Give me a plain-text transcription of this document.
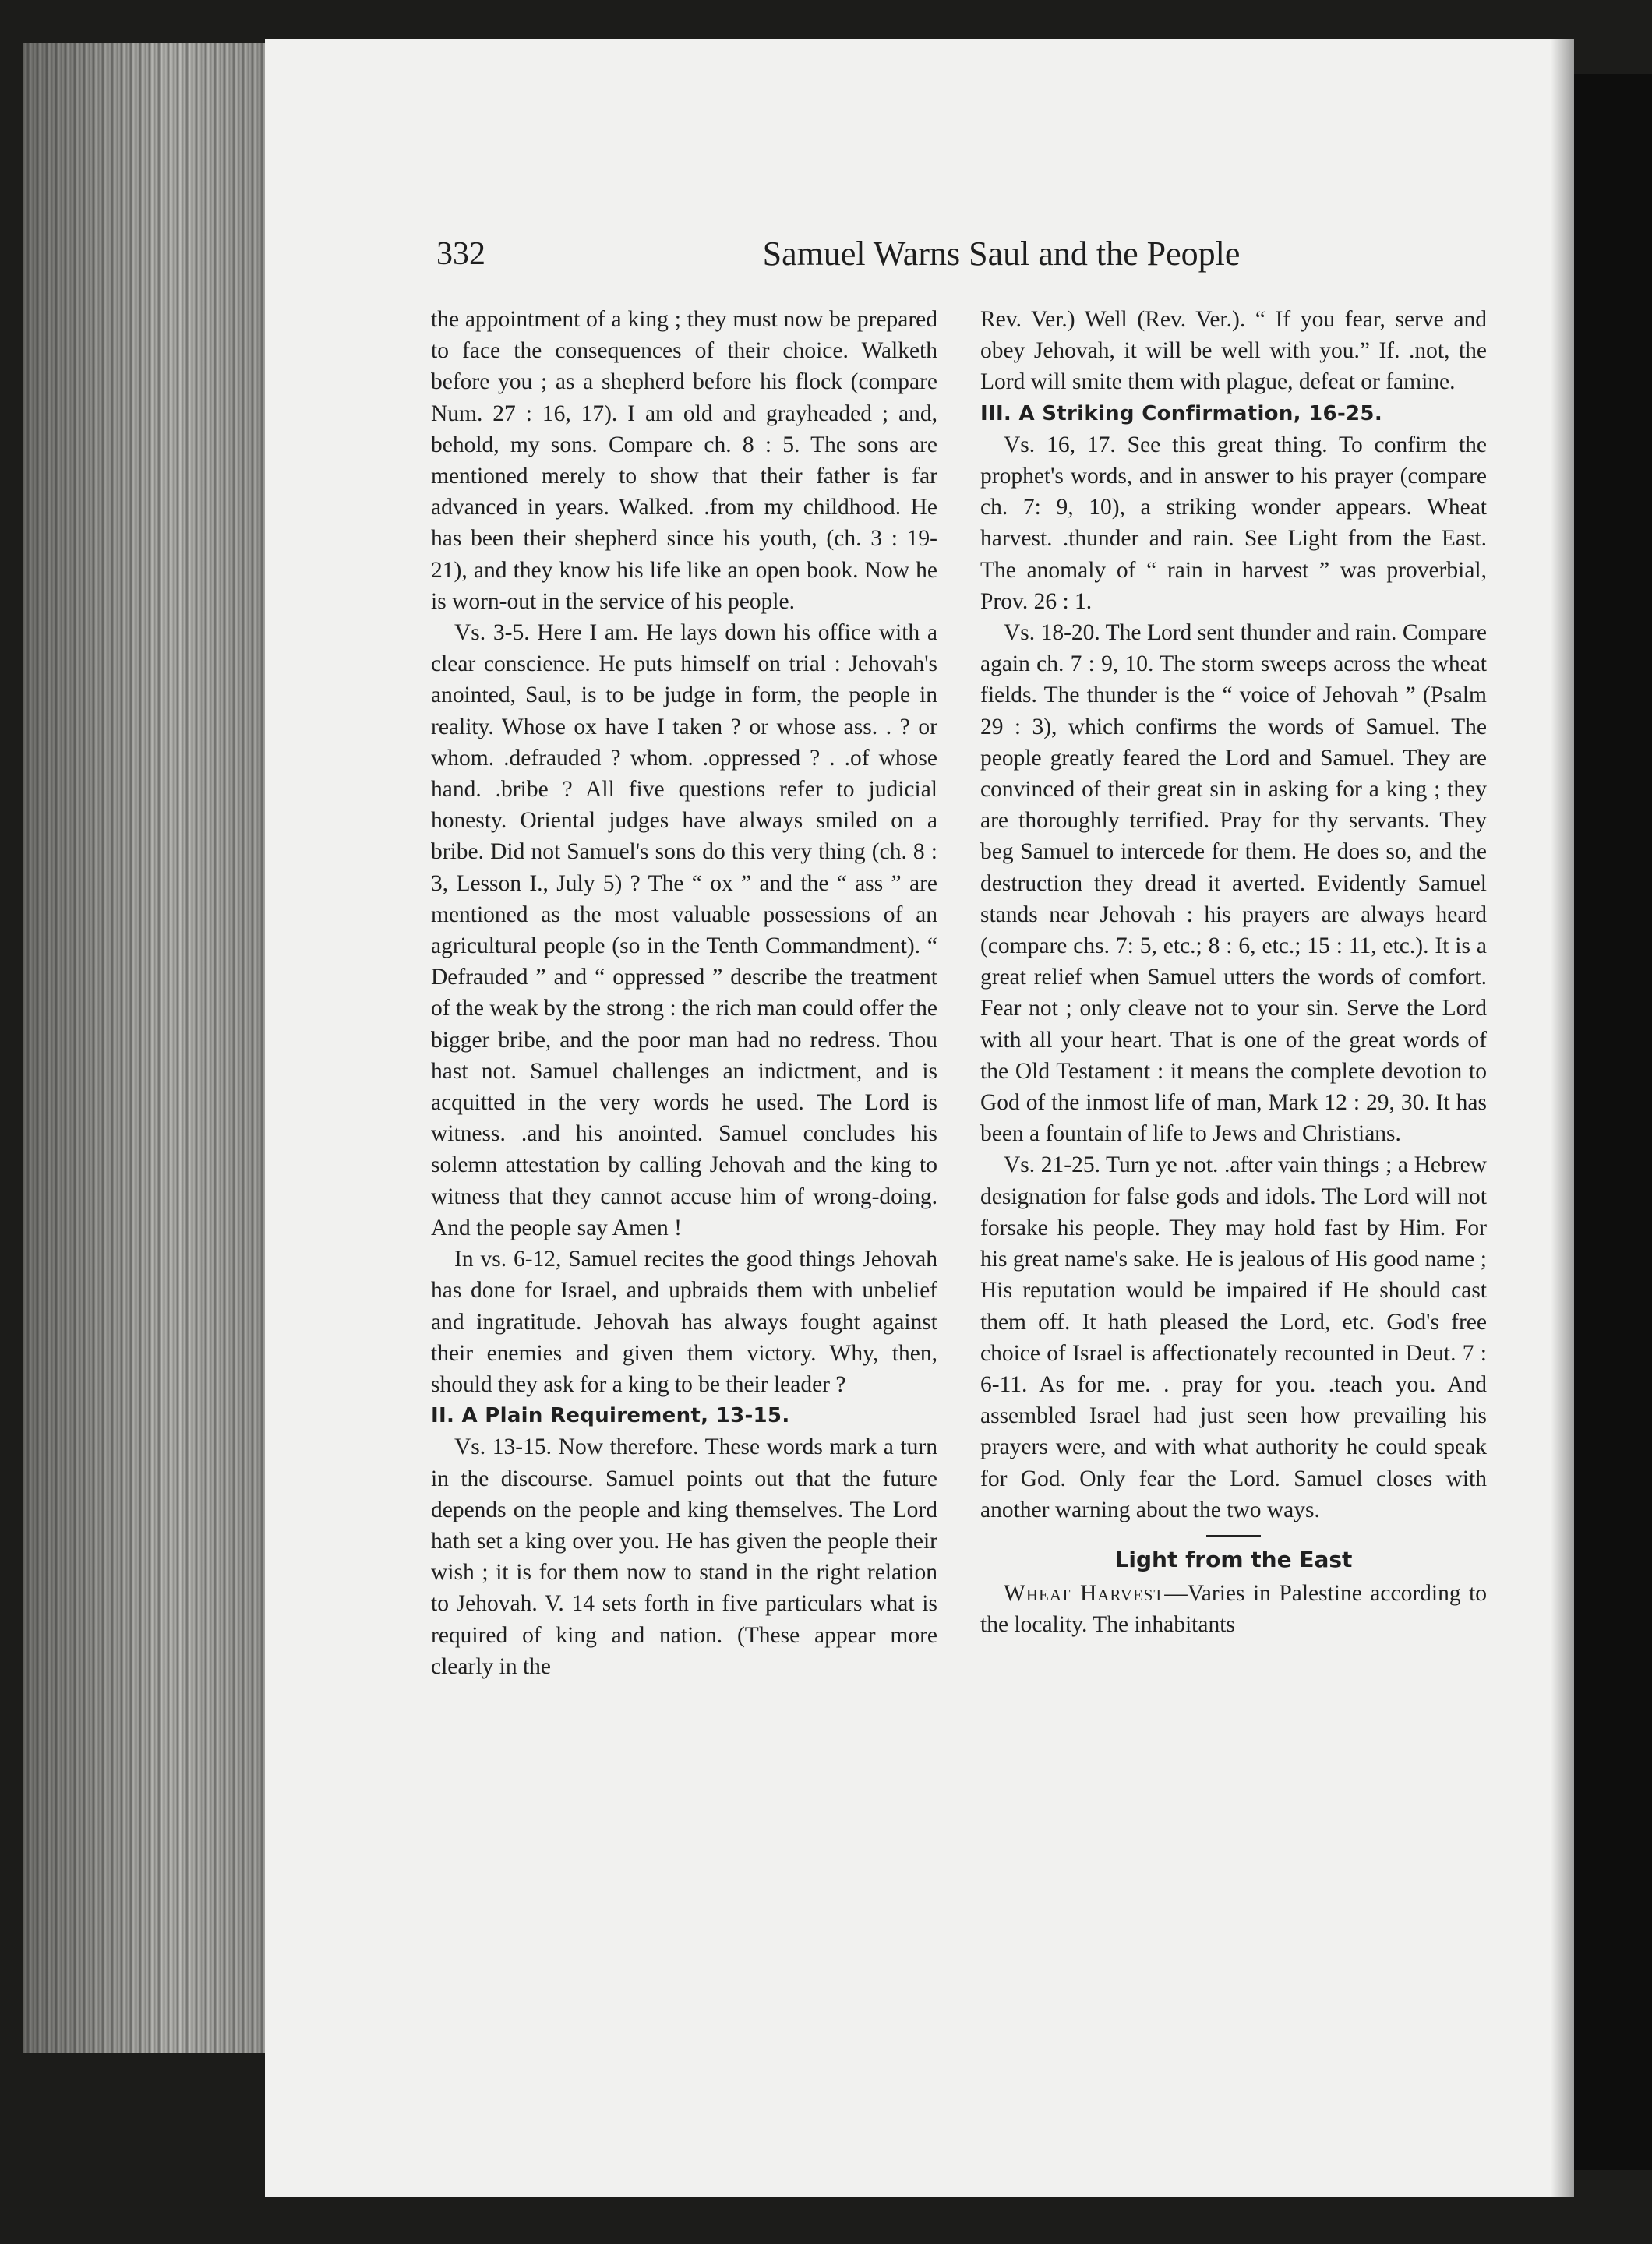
332	Samuel Warns Saul and the People

the appointment of a king ; they must now be prepared to face the consequences of their choice. Walketh before you ; as a shepherd before his flock (compare Num. 27 : 16, 17). I am old and grayheaded ; and, behold, my sons. Compare ch. 8 : 5. The sons are mentioned merely to show that their father is far advanced in years. Walked. .from my childhood. He has been their shepherd since his youth, (ch. 3 : 19-21), and they know his life like an open book. Now he is worn-out in the service of his people.

Vs. 3-5. Here I am. He lays down his office with a clear conscience. He puts himself on trial : Jehovah's anointed, Saul, is to be judge in form, the people in reality. Whose ox have I taken ? or whose ass. . ? or whom. .defrauded ? whom. .oppressed ? . .of whose hand. .bribe ? All five questions refer to judicial honesty. Oriental judges have always smiled on a bribe. Did not Samuel's sons do this very thing (ch. 8 : 3, Lesson I., July 5) ? The “ ox ” and the “ ass ” are mentioned as the most valuable possessions of an agricultural people (so in the Tenth Commandment). “ Defrauded ” and “ oppressed ” describe the treatment of the weak by the strong : the rich man could offer the bigger bribe, and the poor man had no redress. Thou hast not. Samuel challenges an indictment, and is acquitted in the very words he used. The Lord is witness. .and his anointed. Samuel concludes his solemn attestation by calling Jehovah and the king to witness that they cannot accuse him of wrong-doing. And the people say Amen !

In vs. 6-12, Samuel recites the good things Jehovah has done for Israel, and upbraids them with unbelief and ingratitude. Jehovah has always fought against their enemies and given them victory. Why, then, should they ask for a king to be their leader ?

II. A Plain Requirement, 13-15.

Vs. 13-15. Now therefore. These words mark a turn in the discourse. Samuel points out that the future depends on the people and king themselves. The Lord hath set a king over you. He has given the people their wish ; it is for them now to stand in the right relation to Jehovah. V. 14 sets forth in five particulars what is required of king and nation. (These appear more clearly in the

Rev. Ver.) Well (Rev. Ver.). “ If you fear, serve and obey Jehovah, it will be well with you.” If. .not, the Lord will smite them with plague, defeat or famine.

III. A Striking Confirmation, 16-25.

Vs. 16, 17. See this great thing. To confirm the prophet's words, and in answer to his prayer (compare ch. 7: 9, 10), a striking wonder appears. Wheat harvest. .thunder and rain. See Light from the East. The anomaly of “ rain in harvest ” was proverbial, Prov. 26 : 1.

Vs. 18-20. The Lord sent thunder and rain. Compare again ch. 7 : 9, 10. The storm sweeps across the wheat fields. The thunder is the “ voice of Jehovah ” (Psalm 29 : 3), which confirms the words of Samuel. The people greatly feared the Lord and Samuel. They are convinced of their great sin in asking for a king ; they are thoroughly terrified. Pray for thy servants. They beg Samuel to intercede for them. He does so, and the destruction they dread it averted. Evidently Samuel stands near Jehovah : his prayers are always heard (compare chs. 7: 5, etc.; 8 : 6, etc.; 15 : 11, etc.). It is a great relief when Samuel utters the words of comfort. Fear not ; only cleave not to your sin. Serve the Lord with all your heart. That is one of the great words of the Old Testament : it means the complete devotion to God of the inmost life of man, Mark 12 : 29, 30. It has been a fountain of life to Jews and Christians.

Vs. 21-25. Turn ye not. .after vain things ; a Hebrew designation for false gods and idols. The Lord will not forsake his people. They may hold fast by Him. For his great name's sake. He is jealous of His good name ; His reputation would be impaired if He should cast them off. It hath pleased the Lord, etc. God's free choice of Israel is affectionately recounted in Deut. 7 : 6-11. As for me. . pray for you. .teach you. And assembled Israel had just seen how prevailing his prayers were, and with what authority he could speak for God. Only fear the Lord. Samuel closes with another warning about the two ways.

Light from the East

Wheat Harvest—Varies in Palestine according to the locality. The inhabitants
